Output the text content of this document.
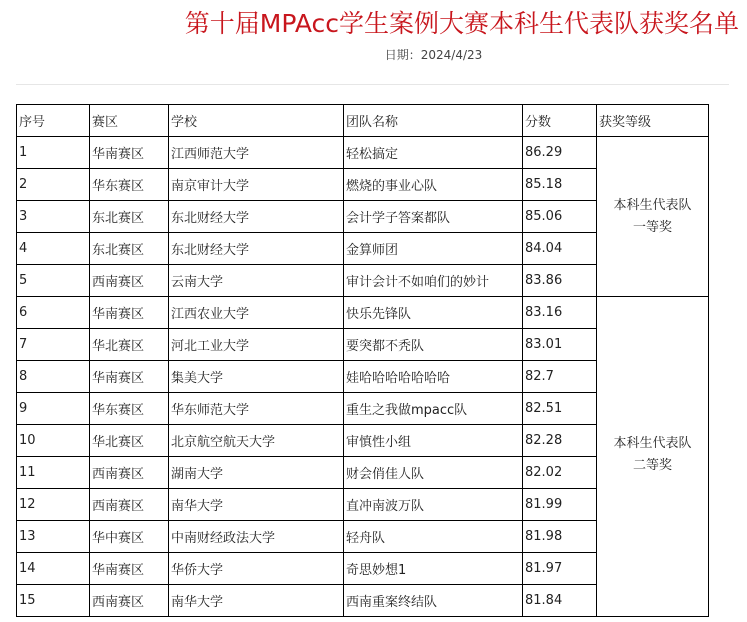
第十届MPAcc学生案例大赛本科生代表队获奖名单
日期：2024/4/23
序号	赛区	学校	团队名称	分数	获奖等级
1	华南赛区	江西师范大学	轻松搞定	86.29	本科生代表队
一等奖

2	华东赛区	南京审计大学	燃烧的事业心队	85.18	
3	东北赛区	东北财经大学	会计学子答案都队	85.06	
4	东北赛区	东北财经大学	金算师团	84.04	
5	西南赛区	云南大学	审计会计不如咱们的妙计	83.86	
6	华南赛区	江西农业大学	快乐先锋队	83.16	本科生代表队
二等奖

7	华北赛区	河北工业大学	要突都不秃队	83.01	
8	华南赛区	集美大学	娃哈哈哈哈哈哈哈	82.7	
9	华东赛区	华东师范大学	重生之我做mpacc队	82.51	
10	华北赛区	北京航空航天大学	审慎性小组	82.28	
11	西南赛区	湖南大学	财会俏佳人队	82.02	
12	西南赛区	南华大学	直冲南波万队	81.99	
13	华中赛区	中南财经政法大学	轻舟队	81.98	
14	华南赛区	华侨大学	奇思妙想1	81.97	
15	西南赛区	南华大学	西南重案终结队	81.84	
